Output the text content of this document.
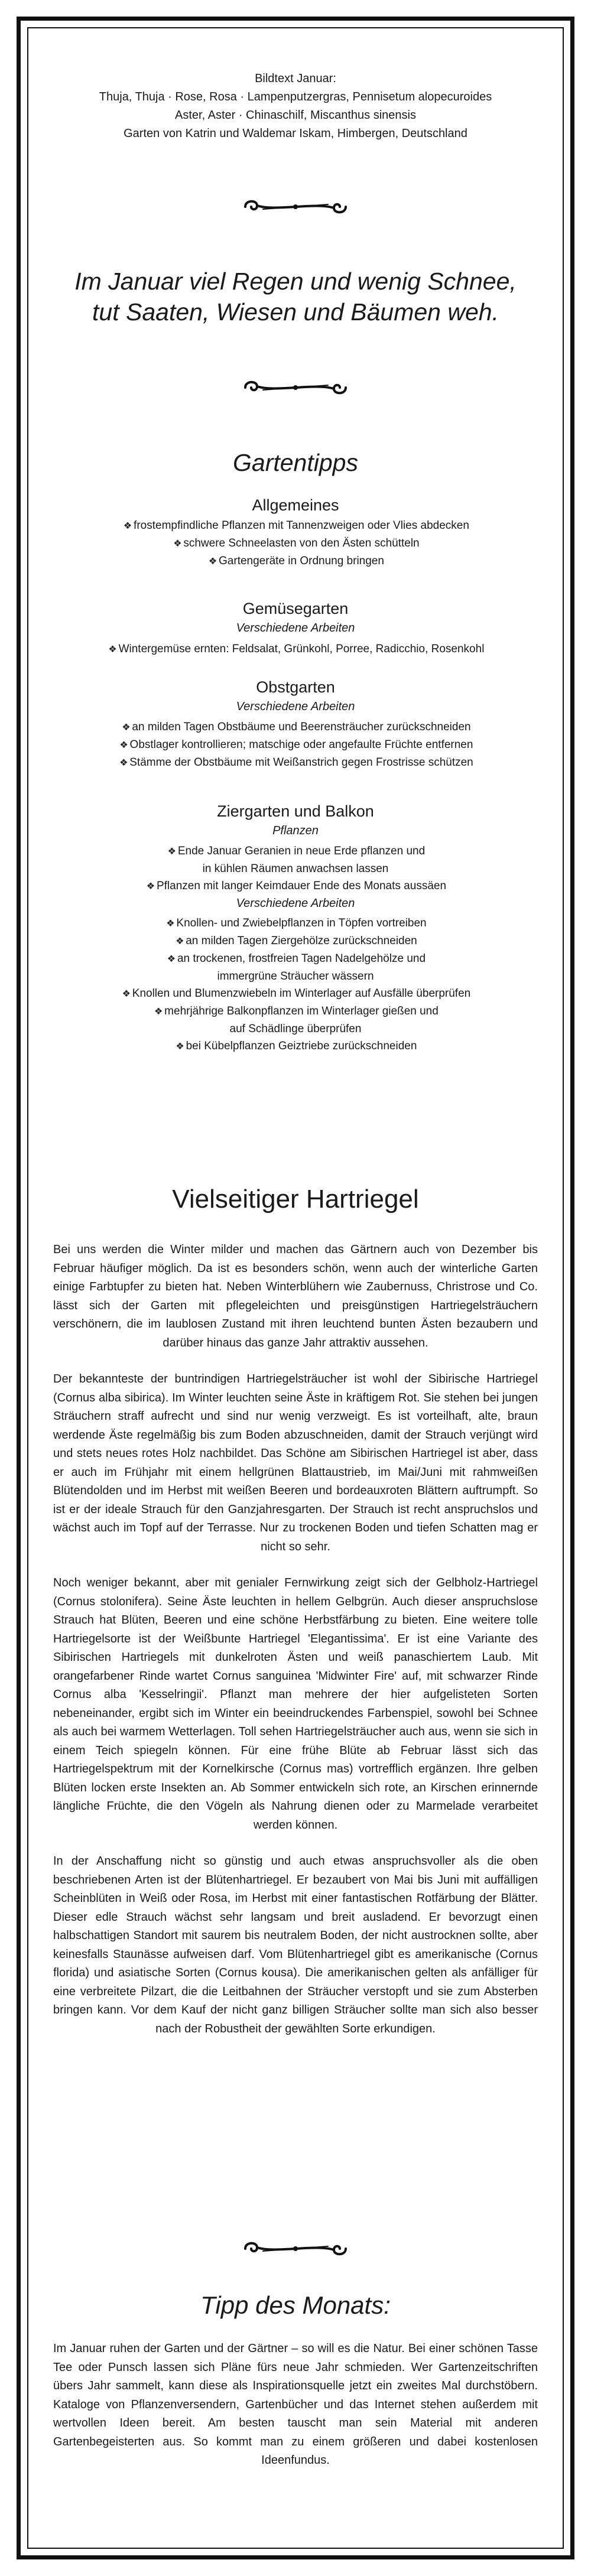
Bildtext Januar:
Thuja, Thuja · Rose, Rosa · Lampenputzergras, Pennisetum alopecuroides
Aster, Aster · Chinaschilf, Miscanthus sinensis
Garten von Katrin und Waldemar Iskam, Himbergen, Deutschland
Im Januar viel Regen und wenig Schnee,
tut Saaten, Wiesen und Bäumen weh.
Gartentipps
Allgemeines
❖ frostempfindliche Pflanzen mit Tannenzweigen oder Vlies abdecken
❖ schwere Schneelasten von den Ästen schütteln
❖ Gartengeräte in Ordnung bringen
Gemüsegarten
Verschiedene Arbeiten
❖ Wintergemüse ernten: Feldsalat, Grünkohl, Porree, Radicchio, Rosenkohl
Obstgarten
Verschiedene Arbeiten
❖ an milden Tagen Obstbäume und Beerensträucher zurückschneiden
❖ Obstlager kontrollieren; matschige oder angefaulte Früchte entfernen
❖ Stämme der Obstbäume mit Weißanstrich gegen Frostrisse schützen
Ziergarten und Balkon
Pflanzen
❖ Ende Januar Geranien in neue Erde pflanzen und
in kühlen Räumen anwachsen lassen
❖ Pflanzen mit langer Keimdauer Ende des Monats aussäen
Verschiedene Arbeiten
❖ Knollen- und Zwiebelpflanzen in Töpfen vortreiben
❖ an milden Tagen Ziergehölze zurückschneiden
❖ an trockenen, frostfreien Tagen Nadelgehölze und
immergrüne Sträucher wässern
❖ Knollen und Blumenzwiebeln im Winterlager auf Ausfälle überprüfen
❖ mehrjährige Balkonpflanzen im Winterlager gießen und
auf Schädlinge überprüfen
❖ bei Kübelpflanzen Geiztriebe zurückschneiden
Vielseitiger Hartriegel

Bei uns werden die Winter milder und machen das Gärtnern auch von Dezember bis Februar häufiger möglich. Da ist es besonders schön, wenn auch der winterliche Garten einige Farbtupfer zu bieten hat. Neben Winterblühern wie Zaubernuss, Christrose und Co. lässt sich der Garten mit pflegeleichten und preisgünstigen Hartriegelsträuchern verschönern, die im laublosen Zustand mit ihren leuchtend bunten Ästen bezaubern und darüber hinaus das ganze Jahr attraktiv aussehen.

Der bekannteste der buntrindigen Hartriegelsträucher ist wohl der Sibirische Hartriegel (Cornus alba sibirica). Im Winter leuchten seine Äste in kräftigem Rot. Sie stehen bei jungen Sträuchern straff aufrecht und sind nur wenig verzweigt. Es ist vorteilhaft, alte, braun werdende Äste regelmäßig bis zum Boden abzuschneiden, damit der Strauch verjüngt wird und stets neues rotes Holz nachbildet. Das Schöne am Sibirischen Hartriegel ist aber, dass er auch im Frühjahr mit einem hellgrünen Blattaustrieb, im Mai/Juni mit rahmweißen Blütendolden und im Herbst mit weißen Beeren und bordeauxroten Blättern auftrumpft. So ist er der ideale Strauch für den Ganzjahresgarten. Der Strauch ist recht anspruchslos und wächst auch im Topf auf der Terrasse. Nur zu trockenen Boden und tiefen Schatten mag er nicht so sehr.

Noch weniger bekannt, aber mit genialer Fernwirkung zeigt sich der Gelbholz-Hartriegel (Cornus stolonifera). Seine Äste leuchten in hellem Gelbgrün. Auch dieser anspruchslose Strauch hat Blüten, Beeren und eine schöne Herbstfärbung zu bieten. Eine weitere tolle Hartriegelsorte ist der Weißbunte Hartriegel 'Elegantissima'. Er ist eine Variante des Sibirischen Hartriegels mit dunkelroten Ästen und weiß panaschiertem Laub. Mit orangefarbener Rinde wartet Cornus sanguinea 'Midwinter Fire' auf, mit schwarzer Rinde Cornus alba 'Kesselringii'. Pflanzt man mehrere der hier aufgelisteten Sorten nebeneinander, ergibt sich im Winter ein beeindruckendes Farbenspiel, sowohl bei Schnee als auch bei warmem Wetterlagen. Toll sehen Hartriegelsträucher auch aus, wenn sie sich in einem Teich spiegeln können. Für eine frühe Blüte ab Februar lässt sich das Hartriegelspektrum mit der Kornelkirsche (Cornus mas) vortrefflich ergänzen. Ihre gelben Blüten locken erste Insekten an. Ab Sommer entwickeln sich rote, an Kirschen erinnernde längliche Früchte, die den Vögeln als Nahrung dienen oder zu Marmelade verarbeitet werden können.

In der Anschaffung nicht so günstig und auch etwas anspruchsvoller als die oben beschriebenen Arten ist der Blütenhartriegel. Er bezaubert von Mai bis Juni mit auffälligen Scheinblüten in Weiß oder Rosa, im Herbst mit einer fantastischen Rotfärbung der Blätter. Dieser edle Strauch wächst sehr langsam und breit ausladend. Er bevorzugt einen halbschattigen Standort mit saurem bis neutralem Boden, der nicht austrocknen sollte, aber keinesfalls Staunässe aufweisen darf. Vom Blütenhartriegel gibt es amerikanische (Cornus florida) und asiatische Sorten (Cornus kousa). Die amerikanischen gelten als anfälliger für eine verbreitete Pilzart, die die Leitbahnen der Sträucher verstopft und sie zum Absterben bringen kann. Vor dem Kauf der nicht ganz billigen Sträucher sollte man sich also besser nach der Robustheit der gewählten Sorte erkundigen.

Tipp des Monats:

Im Januar ruhen der Garten und der Gärtner – so will es die Natur. Bei einer schönen Tasse Tee oder Punsch lassen sich Pläne fürs neue Jahr schmieden. Wer Gartenzeitschriften übers Jahr sammelt, kann diese als Inspirationsquelle jetzt ein zweites Mal durchstöbern. Kataloge von Pflanzenversendern, Gartenbücher und das Internet stehen außerdem mit wertvollen Ideen bereit. Am besten tauscht man sein Material mit anderen Gartenbegeisterten aus. So kommt man zu einem größeren und dabei kostenlosen Ideenfundus.
